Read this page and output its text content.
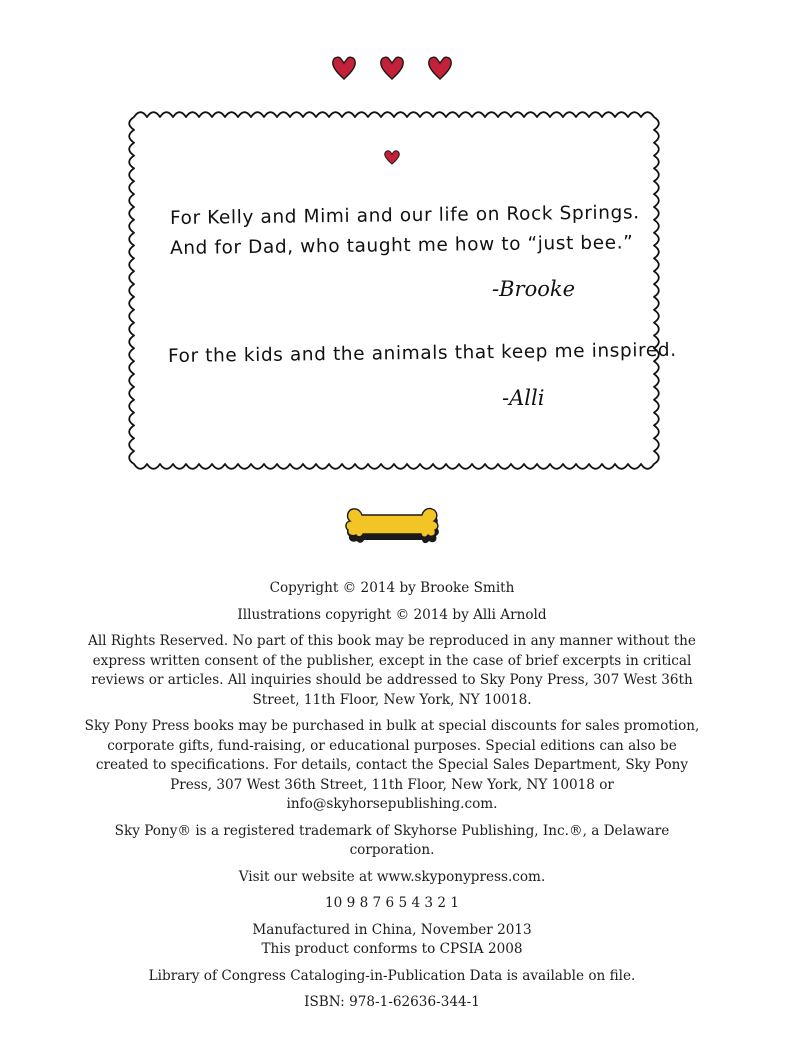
For Kelly and Mimi and our life on Rock Springs.
And for Dad, who taught me how to “just bee.”
-Brooke
For the kids and the animals that keep me inspired.
-Alli

Copyright © 2014 by Brooke Smith

Illustrations copyright © 2014 by Alli Arnold

All Rights Reserved. No part of this book may be reproduced in any manner without the express written consent of the publisher, except in the case of brief excerpts in critical reviews or articles. All inquiries should be addressed to Sky Pony Press, 307 West 36th Street, 11th Floor, New York, NY 10018.

Sky Pony Press books may be purchased in bulk at special discounts for sales promotion, corporate gifts, fund-raising, or educational purposes. Special editions can also be created to specifications. For details, contact the Special Sales Department, Sky Pony Press, 307 West 36th Street, 11th Floor, New York, NY 10018 or info@skyhorsepublishing.com.

Sky Pony® is a registered trademark of Skyhorse Publishing, Inc.®, a Delaware corporation.

Visit our website at www.skyponypress.com.

10 9 8 7 6 5 4 3 2 1

Manufactured in China, November 2013

This product conforms to CPSIA 2008

Library of Congress Cataloging-in-Publication Data is available on file.

ISBN: 978-1-62636-344-1
